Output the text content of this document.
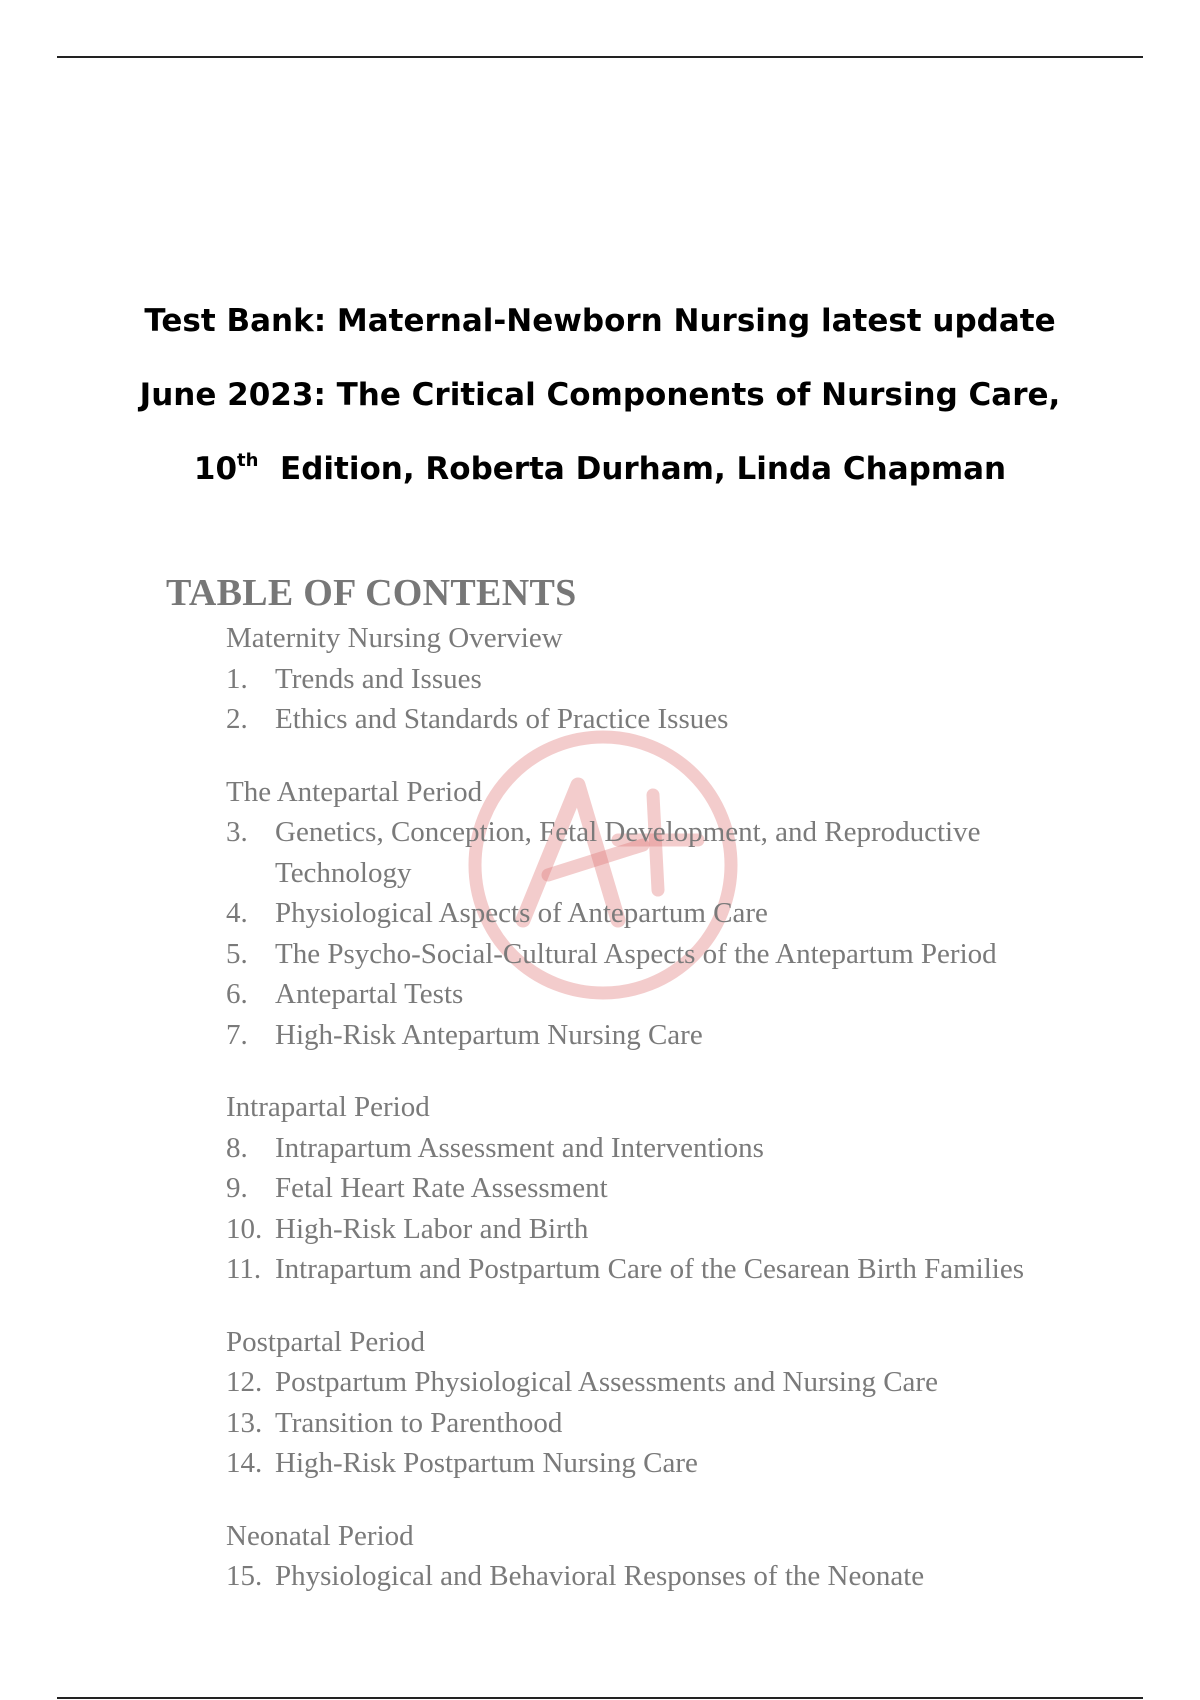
Test Bank: Maternal-Newborn Nursing latest update
June 2023: The Critical Components of Nursing Care,
10th  Edition, Roberta Durham, Linda Chapman
TABLE OF CONTENTS
Maternity Nursing Overview
1. Trends and Issues
2. Ethics and Standards of Practice Issues
The Antepartal Period
3. Genetics, Conception, Fetal Development, and Reproductive
Technology
4. Physiological Aspects of Antepartum Care
5. The Psycho-Social-Cultural Aspects of the Antepartum Period
6. Antepartal Tests
7. High-Risk Antepartum Nursing Care
Intrapartal Period
8. Intrapartum Assessment and Interventions
9. Fetal Heart Rate Assessment
10. High-Risk Labor and Birth
11. Intrapartum and Postpartum Care of the Cesarean Birth Families
Postpartal Period
12. Postpartum Physiological Assessments and Nursing Care
13. Transition to Parenthood
14. High-Risk Postpartum Nursing Care
Neonatal Period
15. Physiological and Behavioral Responses of the Neonate
